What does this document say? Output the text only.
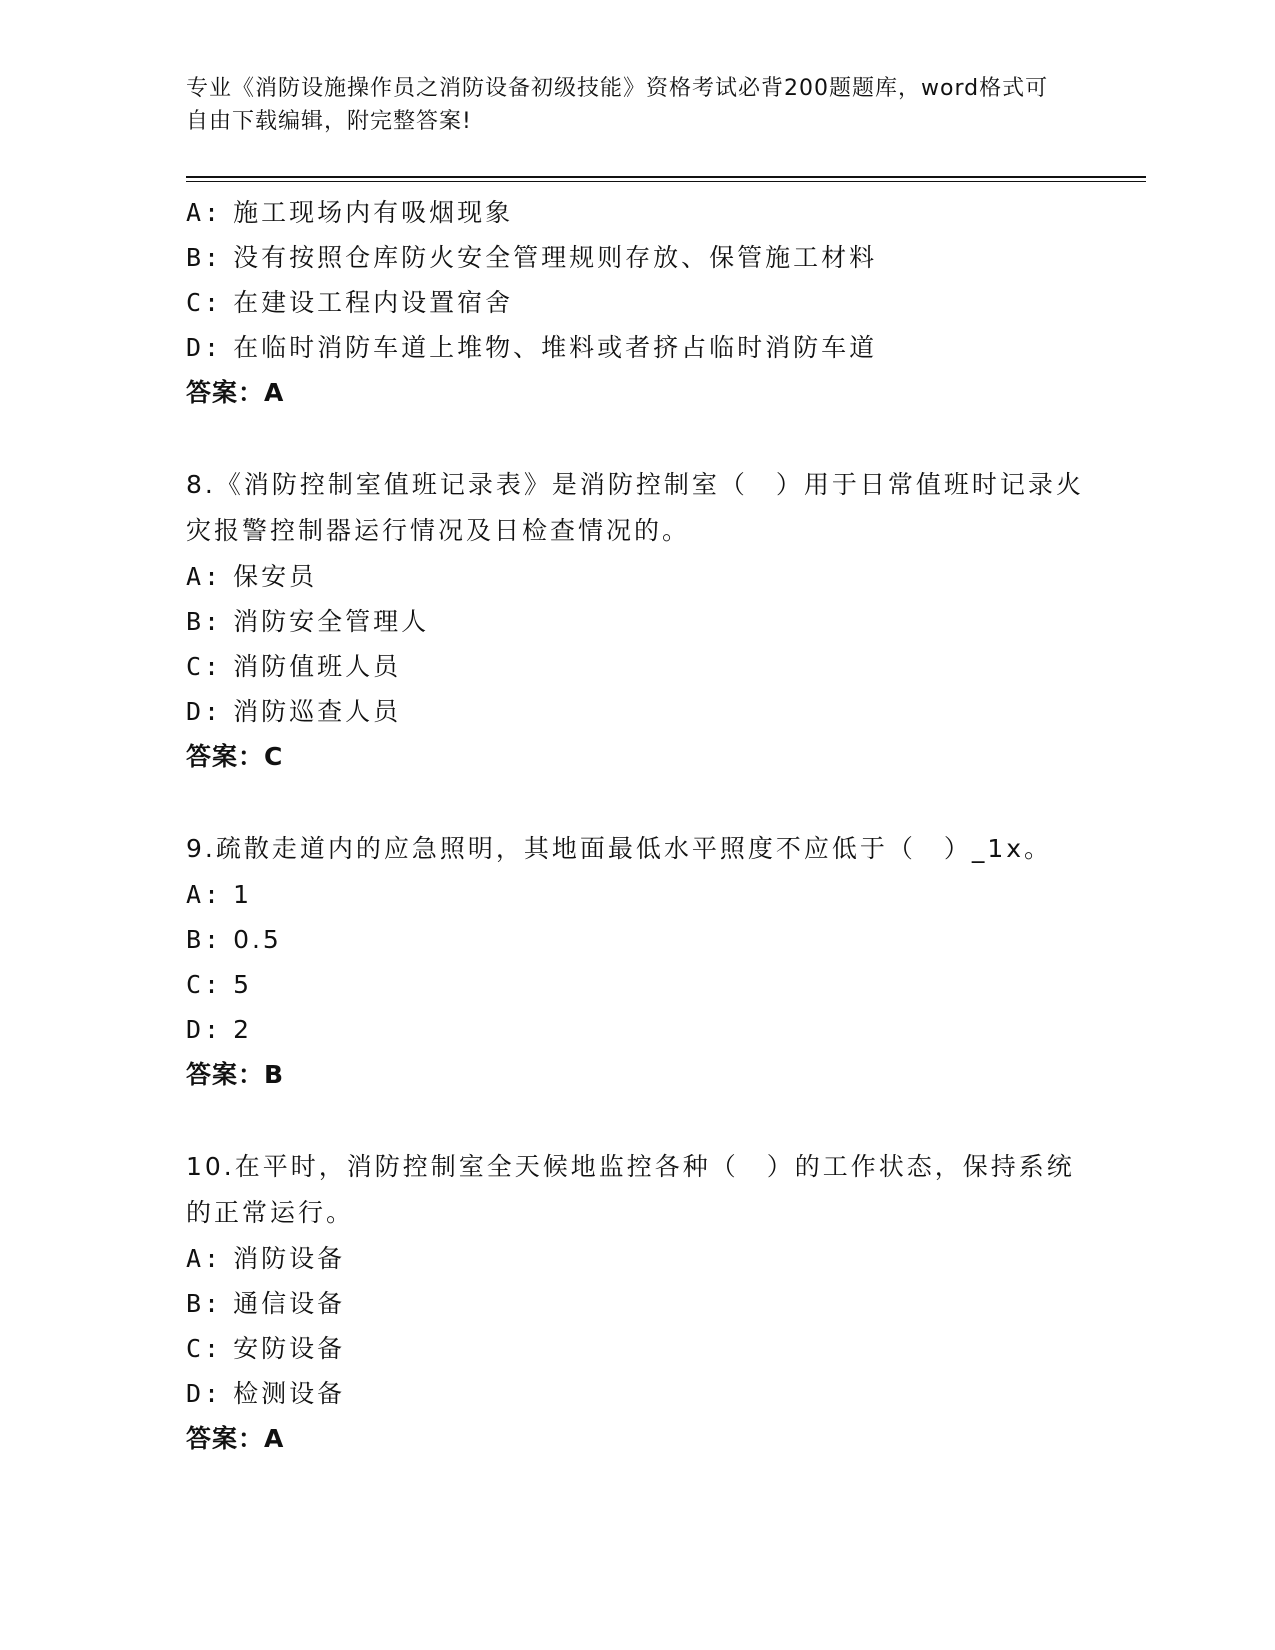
专业《消防设施操作员之消防设备初级技能》资格考试必背200题题库，word格式可自由下载编辑，附完整答案!

A: 施工现场内有吸烟现象

B: 没有按照仓库防火安全管理规则存放、保管施工材料

C: 在建设工程内设置宿舍

D: 在临时消防车道上堆物、堆料或者挤占临时消防车道

答案：A

8.《消防控制室值班记录表》是消防控制室（　）用于日常值班时记录火灾报警控制器运行情况及日检查情况的。

A: 保安员

B: 消防安全管理人

C: 消防值班人员

D: 消防巡查人员

答案：C

9.疏散走道内的应急照明，其地面最低水平照度不应低于（　）_1x。

A: 1

B: 0.5

C: 5

D: 2

答案：B

10.在平时，消防控制室全天候地监控各种（　）的工作状态，保持系统的正常运行。

A: 消防设备

B: 通信设备

C: 安防设备

D: 检测设备

答案：A
